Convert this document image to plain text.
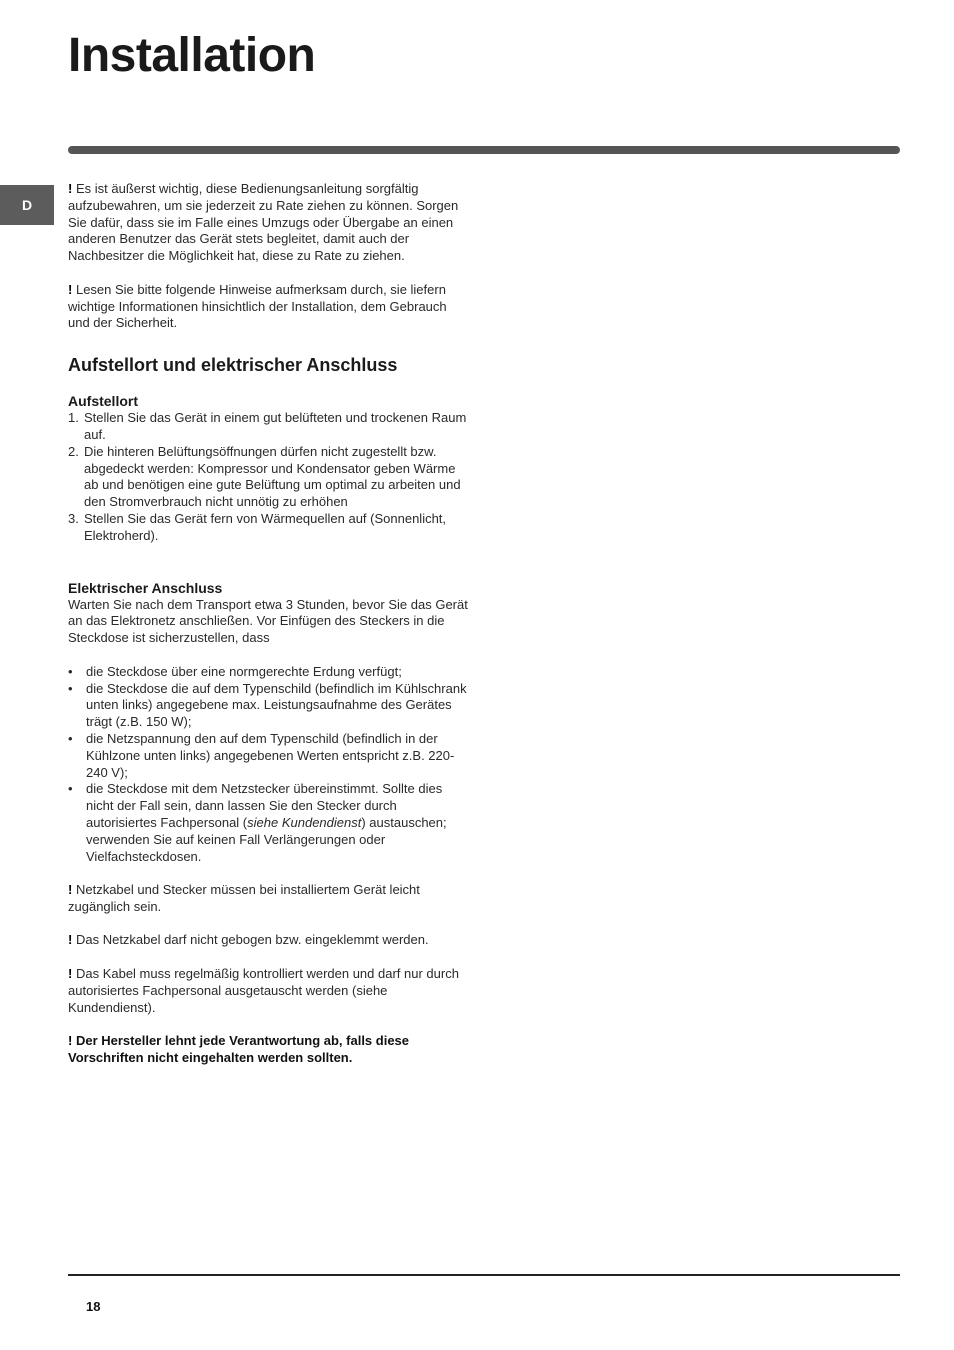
Installation
D

! Es ist äußerst wichtig, diese Bedienungsanleitung sorgfältig aufzubewahren, um sie jederzeit zu Rate ziehen zu können. Sorgen Sie dafür, dass sie im Falle eines Umzugs oder Übergabe an einen anderen Benutzer das Gerät stets begleitet, damit auch der Nachbesitzer die Möglichkeit hat, diese zu Rate zu ziehen.

! Lesen Sie bitte folgende Hinweise aufmerksam durch, sie liefern wichtige Informationen hinsichtlich der Installation, dem Gebrauch und der Sicherheit.

Aufstellort und elektrischer Anschluss
Aufstellort
1. Stellen Sie das Gerät in einem gut belüfteten und trockenen Raum auf.
2. Die hinteren Belüftungsöffnungen dürfen nicht zugestellt bzw. abgedeckt werden: Kompressor und Kondensator geben Wärme ab und benötigen eine gute Belüftung um optimal zu arbeiten und den Stromverbrauch nicht unnötig zu erhöhen
3. Stellen Sie das Gerät fern von Wärmequellen auf (Sonnenlicht, Elektroherd).
Elektrischer Anschluss

Warten Sie nach dem Transport etwa 3 Stunden, bevor Sie das Gerät an das Elektronetz anschließen. Vor Einfügen des Steckers in die Steckdose ist sicherzustellen, dass

•	die Steckdose über eine normgerechte Erdung verfügt;
•	die Steckdose die auf dem Typenschild (befindlich im Kühlschrank unten links) angegebene max. Leistungsaufnahme des Gerätes trägt (z.B. 150 W);
•	die Netzspannung den auf dem Typenschild (befindlich in der Kühlzone unten links) angegebenen Werten entspricht z.B. 220-240 V);
•	die Steckdose mit dem Netzstecker übereinstimmt. Sollte dies nicht der Fall sein, dann lassen Sie den Stecker durch autorisiertes Fachpersonal (siehe Kundendienst) austauschen; verwenden Sie auf keinen Fall Verlängerungen oder Vielfachsteckdosen.

! Netzkabel und Stecker müssen bei installiertem Gerät leicht zugänglich sein.

! Das Netzkabel darf nicht gebogen bzw. eingeklemmt werden.

! Das Kabel muss regelmäßig kontrolliert werden und darf nur durch autorisiertes Fachpersonal ausgetauscht werden (siehe Kundendienst).

! Der Hersteller lehnt jede Verantwortung ab, falls diese Vorschriften nicht eingehalten werden sollten.

18
